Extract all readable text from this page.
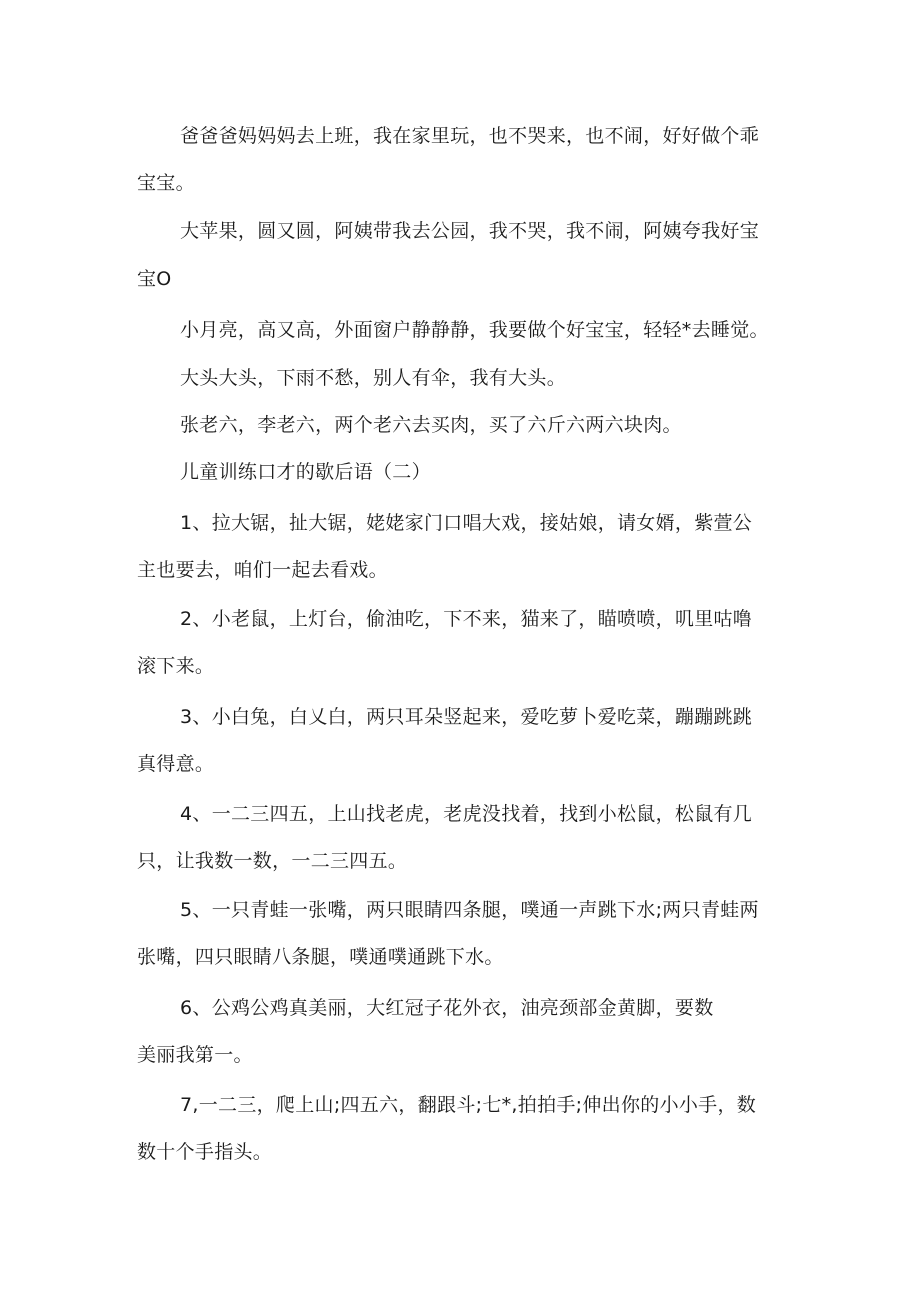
爸爸爸妈妈妈去上班，我在家里玩，也不哭来，也不闹，好好做个乖
宝宝。
大苹果，圆又圆，阿姨带我去公园，我不哭，我不闹，阿姨夸我好宝
宝O
小月亮，高又高，外面窗户静静静，我要做个好宝宝，轻轻*去睡觉。
大头大头，下雨不愁，别人有伞，我有大头。
张老六，李老六，两个老六去买肉，买了六斤六两六块肉。
儿童训练口才的歇后语（二）
1、拉大锯，扯大锯，姥姥家门口唱大戏，接姑娘，请女婿，紫萱公
主也要去，咱们一起去看戏。
2、小老鼠，上灯台，偷油吃，下不来，猫来了，瞄喷喷，叽里咕噜
滚下来。
3、小白兔，白乂白，两只耳朵竖起来，爱吃萝卜爱吃菜，蹦蹦跳跳
真得意。
4、一二三四五，上山找老虎，老虎没找着，找到小松鼠，松鼠有几
只，让我数一数，一二三四五。
5、一只青蛙一张嘴，两只眼睛四条腿，噗通一声跳下水;两只青蛙两
张嘴，四只眼睛八条腿，噗通噗通跳下水。
6、公鸡公鸡真美丽，大红冠子花外衣，油亮颈部金黄脚，要数
美丽我第一。
7,一二三，爬上山;四五六，翻跟斗;七*,拍拍手;伸出你的小小手，数
数十个手指头。
